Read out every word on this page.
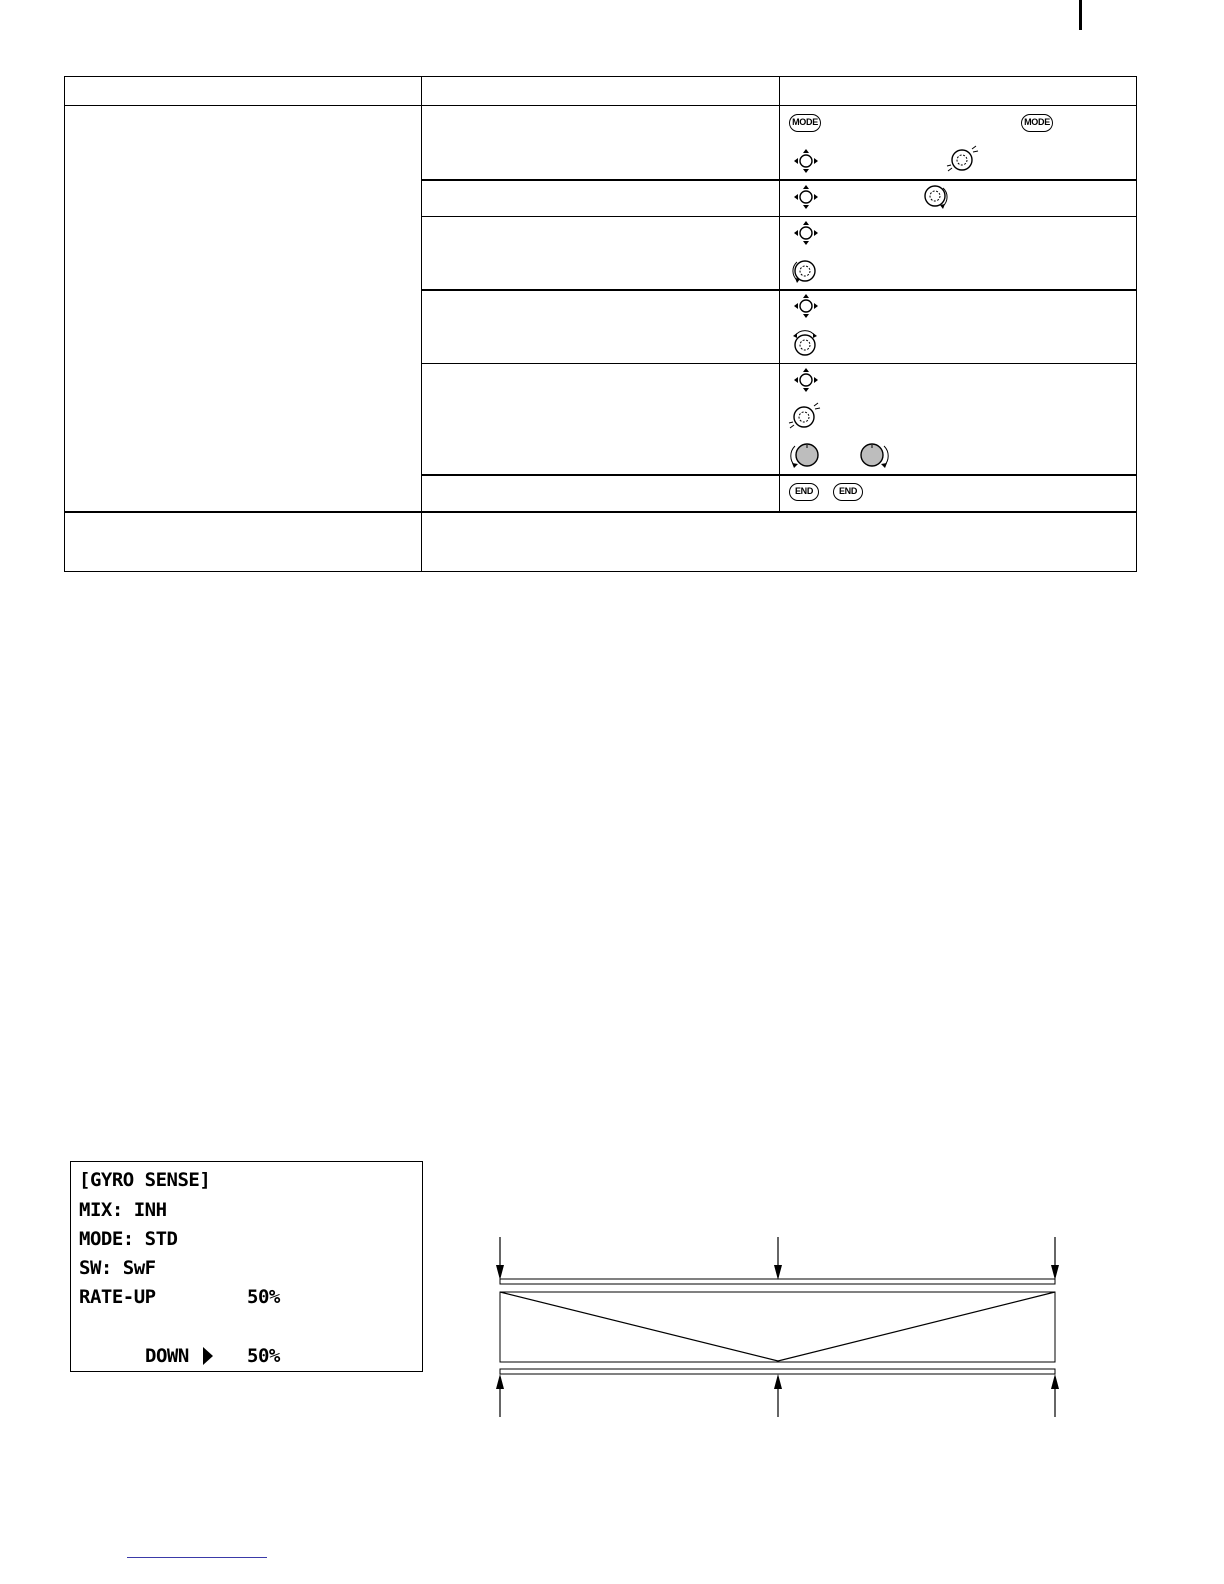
MODE	MODE
END	END
[GYRO SENSE]
MIX: INH
MODE: STD
SW: SwF
RATE-UP	50%
DOWN	50%
